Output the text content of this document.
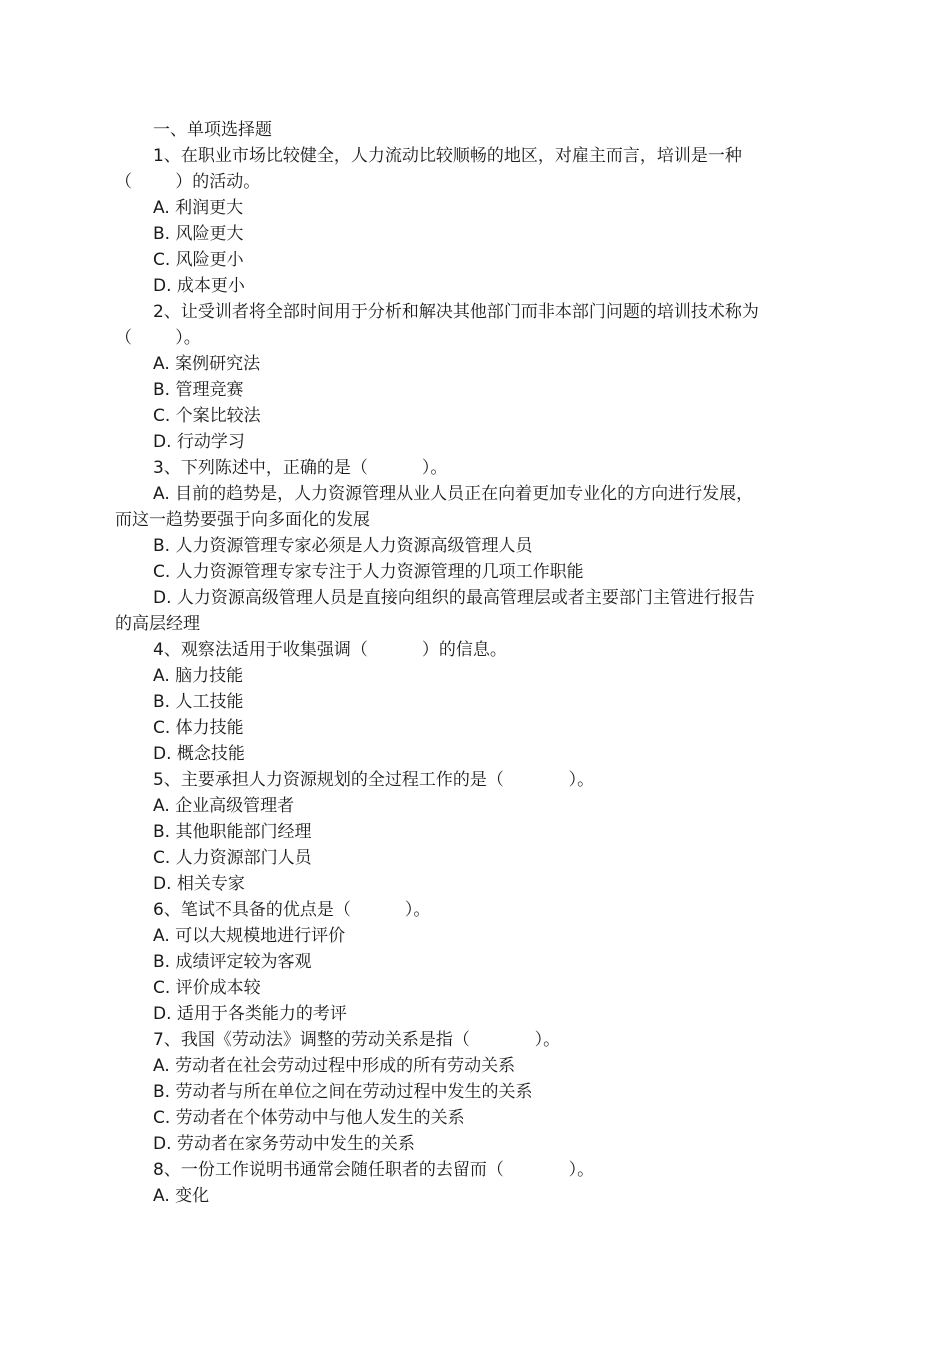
一、单项选择题
1、在职业市场比较健全，人力流动比较顺畅的地区，对雇主而言，培训是一种
（        ）的活动。
A. 利润更大
B. 风险更大
C. 风险更小
D. 成本更小
2、让受训者将全部时间用于分析和解决其他部门而非本部门问题的培训技术称为
（        ）。
A. 案例研究法
B. 管理竞赛
C. 个案比较法
D. 行动学习
3、下列陈述中，正确的是（          ）。
A. 目前的趋势是，人力资源管理从业人员正在向着更加专业化的方向进行发展，
而这一趋势要强于向多面化的发展
B. 人力资源管理专家必须是人力资源高级管理人员
C. 人力资源管理专家专注于人力资源管理的几项工作职能
D. 人力资源高级管理人员是直接向组织的最高管理层或者主要部门主管进行报告
的高层经理
4、观察法适用于收集强调（          ）的信息。
A. 脑力技能
B. 人工技能
C. 体力技能
D. 概念技能
5、主要承担人力资源规划的全过程工作的是（            ）。
A. 企业高级管理者
B. 其他职能部门经理
C. 人力资源部门人员
D. 相关专家
6、笔试不具备的优点是（          ）。
A. 可以大规模地进行评价
B. 成绩评定较为客观
C. 评价成本较
D. 适用于各类能力的考评
7、我国《劳动法》调整的劳动关系是指（            ）。
A. 劳动者在社会劳动过程中形成的所有劳动关系
B. 劳动者与所在单位之间在劳动过程中发生的关系
C. 劳动者在个体劳动中与他人发生的关系
D. 劳动者在家务劳动中发生的关系
8、一份工作说明书通常会随任职者的去留而（            ）。
A. 变化
